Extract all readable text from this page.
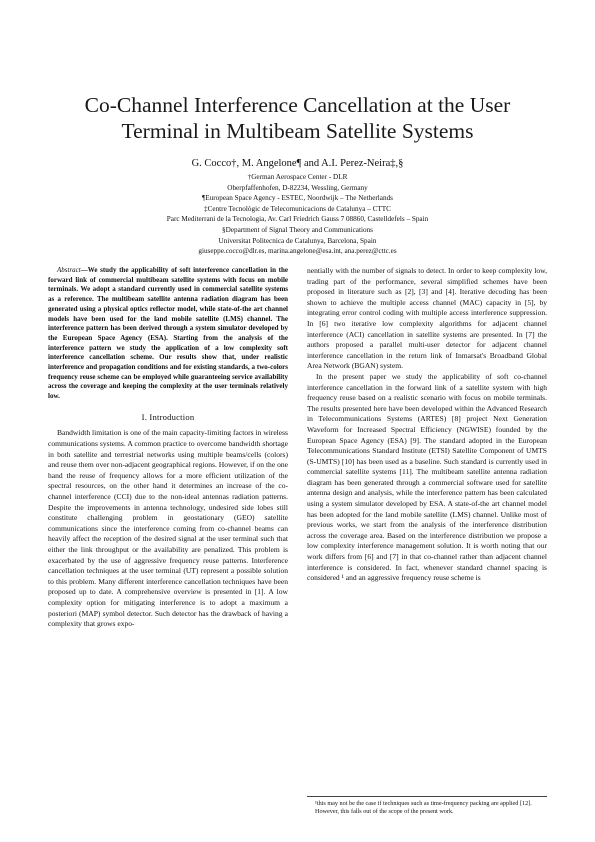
Co-Channel Interference Cancellation at the User
Terminal in Multibeam Satellite Systems
G. Cocco†, M. Angelone¶ and A.I. Perez-Neira‡,§
†German Aerospace Center - DLR
Oberpfaffenhofen, D-82234, Wessling, Germany
¶European Space Agency - ESTEC, Noordwijk – The Netherlands
‡Centre Tecnològic de Telecomunicacions de Catalunya – CTTC
Parc Mediterrani de la Tecnologia, Av. Carl Friedrich Gauss 7 08860, Castelldefels – Spain
§Department of Signal Theory and Communications
Universitat Politecnica de Catalunya, Barcelona, Spain
giuseppe.cocco@dlr.es, marina.angelone@esa.int, ana.perez@cttc.es

Abstract—We study the applicability of soft interference cancellation in the forward link of commercial multibeam satellite systems with focus on mobile terminals. We adopt a standard currently used in commercial satellite systems as a reference. The multibeam satellite antenna radiation diagram has been generated using a physical optics reflector model, while state-of-the art channel models have been used for the land mobile satellite (LMS) channel. The interference pattern has been derived through a system simulator developed by the European Space Agency (ESA). Starting from the analysis of the interference pattern we study the application of a low complexity soft interference cancellation scheme. Our results show that, under realistic interference and propagation conditions and for existing standards, a two-colors frequency reuse scheme can be employed while guaranteeing service availability across the coverage and keeping the complexity at the user terminals relatively low.

I. Introduction

Bandwidth limitation is one of the main capacity-limiting factors in wireless communications systems. A common practice to overcome bandwidth shortage in both satellite and terrestrial networks using multiple beams/cells (colors) and reuse them over non-adjacent geographical regions. However, if on the one hand the reuse of frequency allows for a more efficient utilization of the spectral resources, on the other hand it determines an increase of the co-channel interference (CCI) due to the non-ideal antennas radiation patterns. Despite the improvements in antenna technology, undesired side lobes still constitute challenging problem in geostationary (GEO) satellite communications since the interference coming from co-channel beams can heavily affect the reception of the desired signal at the user terminal such that either the link throughput or the availability are penalized. This problem is exacerbated by the use of aggressive frequency reuse patterns. Interference cancellation techniques at the user terminal (UT) represent a possible solution to this problem. Many different interference cancellation techniques have been proposed up to date. A comprehensive overview is presented in [1]. A low complexity option for mitigating interference is to adopt a maximum a posteriori (MAP) symbol detector. Such detector has the drawback of having a complexity that grows expo-

nentially with the number of signals to detect. In order to keep complexity low, trading part of the performance, several simplified schemes have been proposed in literature such as [2], [3] and [4]. Iterative decoding has been shown to achieve the multiple access channel (MAC) capacity in [5], by integrating error control coding with multiple access interference suppression. In [6] two iterative low complexity algorithms for adjacent channel interference (ACI) cancellation in satellite systems are presented. In [7] the authors proposed a parallel multi-user detector for adjacent channel interference cancellation in the return link of Inmarsat's Broadband Global Area Network (BGAN) system.

In the present paper we study the applicability of soft co-channel interference cancellation in the forward link of a satellite system with high frequency reuse based on a realistic scenario with focus on mobile terminals. The results presented here have been developed within the Advanced Research in Telecommunications Systems (ARTES) [8] project Next Generation Waveform for Increased Spectral Efficiency (NGWISE) founded by the European Space Agency (ESA) [9]. The standard adopted in the European Telecommunications Standard Institute (ETSI) Satellite Component of UMTS (S-UMTS) [10] has been used as a baseline. Such standard is currently used in commercial satellite systems [11]. The multibeam satellite antenna radiation diagram has been generated through a commercial software used for satellite antenna design and analysis, while the interference pattern has been calculated using a system simulator developed by ESA. A state-of-the art channel model has been adopted for the land mobile satellite (LMS) channel. Unlike most of previous works, we start from the analysis of the interference distribution across the coverage area. Based on the interference distribution we propose a low complexity interference management solution. It is worth noting that our work differs from [6] and [7] in that co-channel rather than adjacent channel interference is considered. In fact, whenever standard channel spacing is considered ¹ and an aggressive frequency reuse scheme is

¹this may not be the case if techniques such as time-frequency packing are applied [12]. However, this falls out of the scope of the present work.
